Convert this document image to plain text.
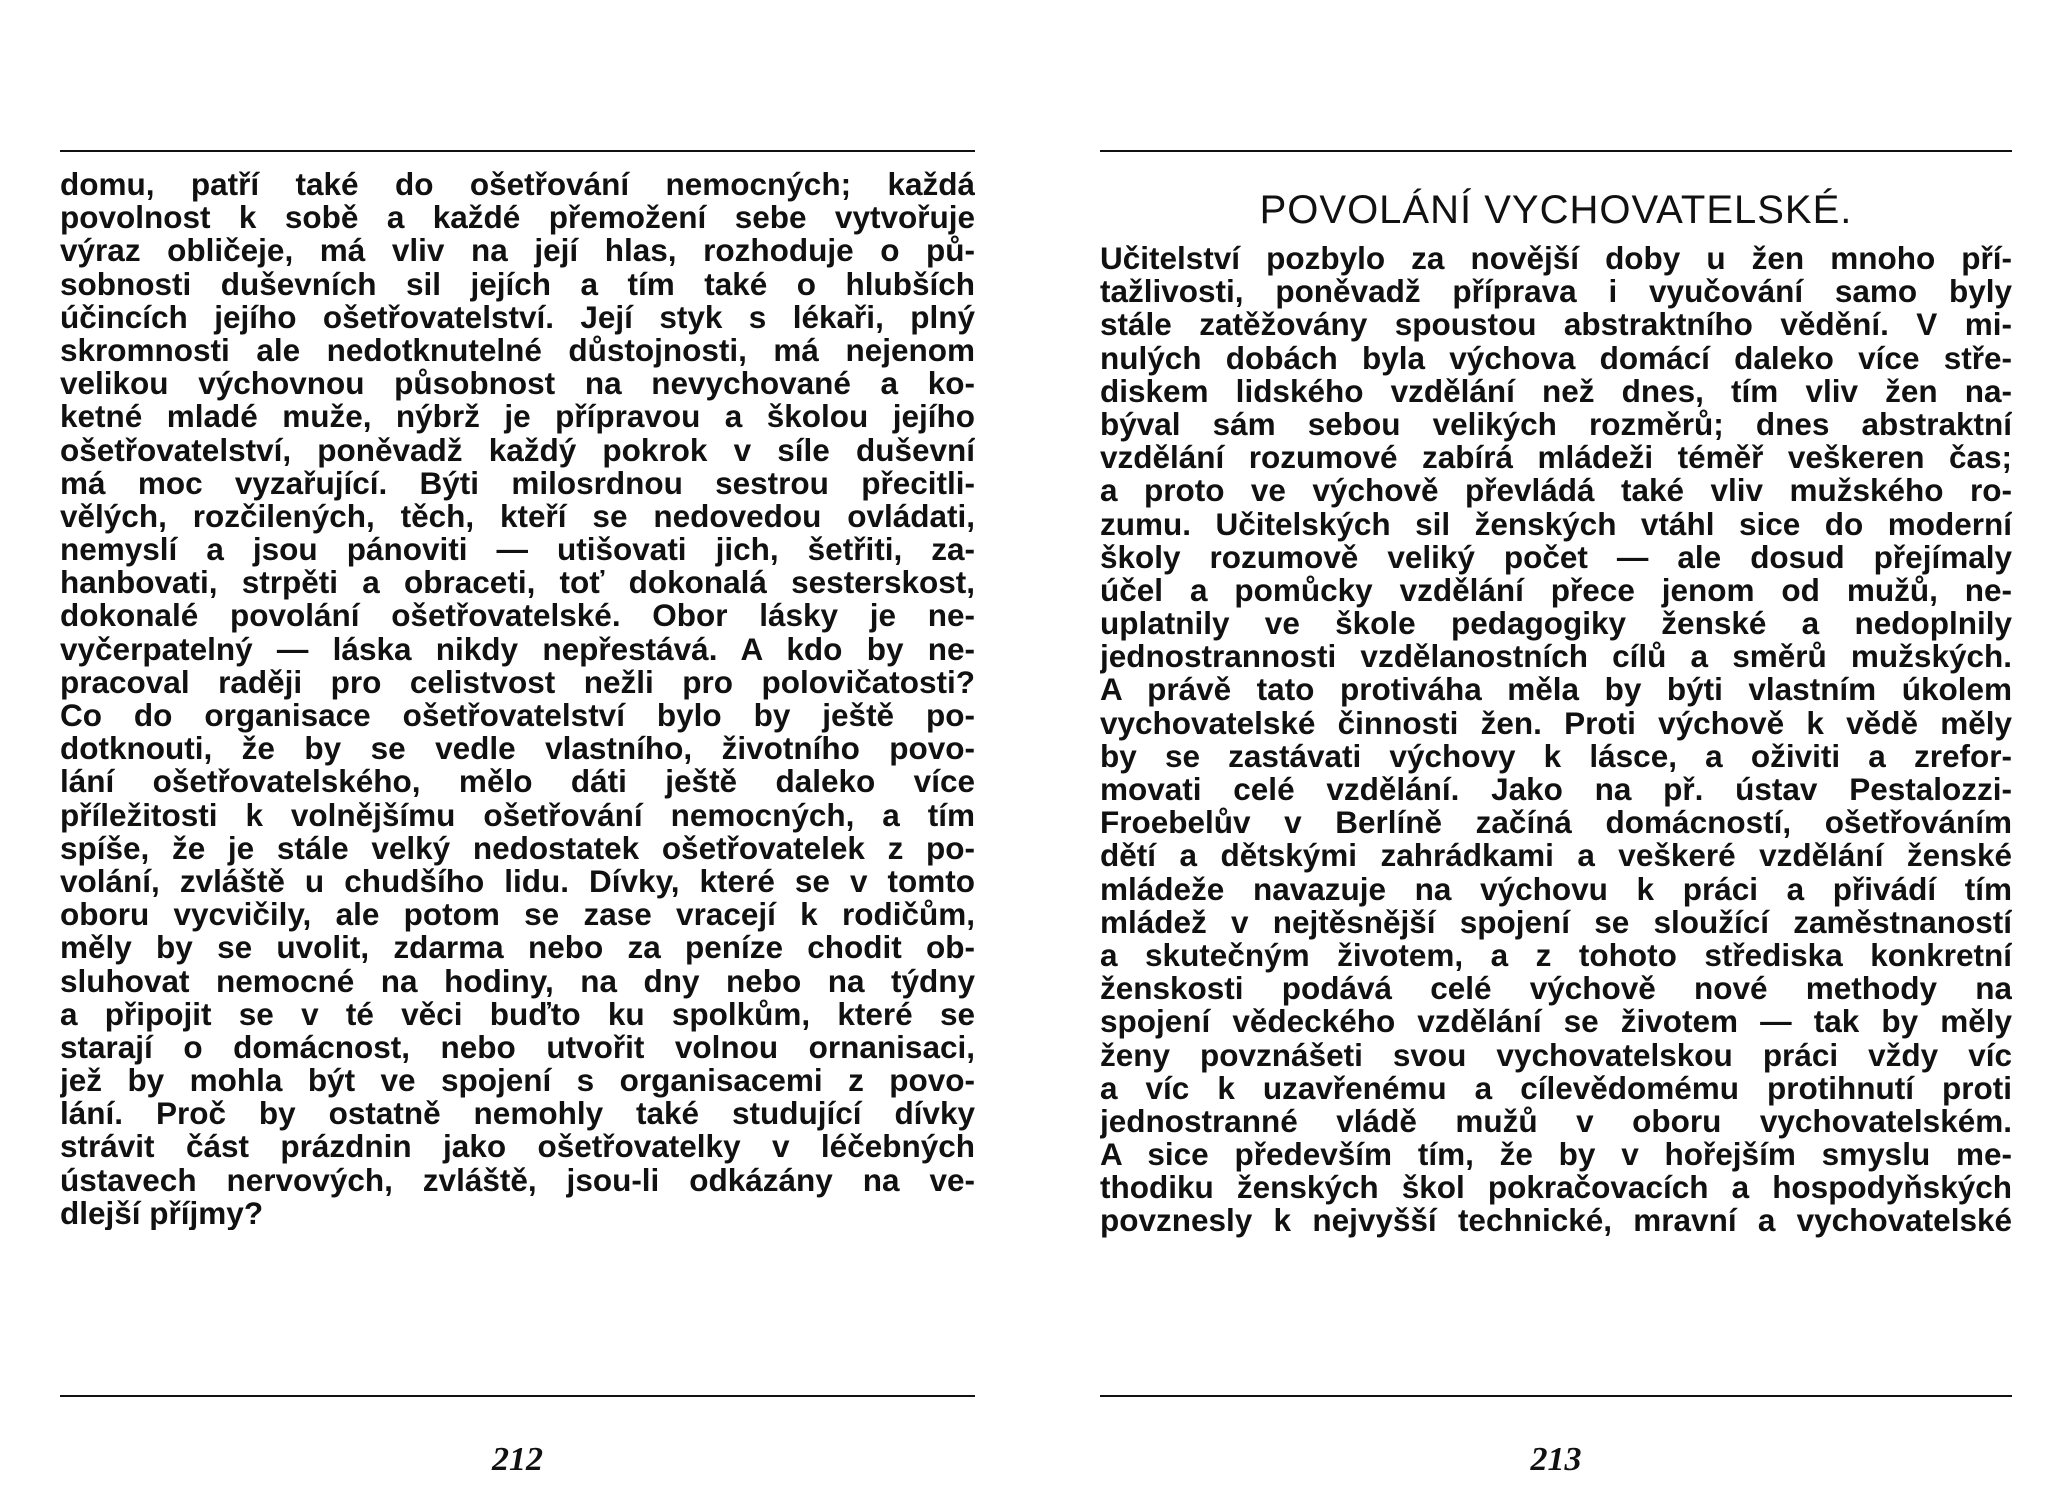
domu, patří také do ošetřování nemocných; každá
povolnost k sobě a každé přemožení sebe vytvořuje
výraz obličeje, má vliv na její hlas, rozhoduje o pů-
sobnosti duševních sil jejích a tím také o hlubších
účincích jejího ošetřovatelství. Její styk s lékaři, plný
skromnosti ale nedotknutelné důstojnosti, má nejenom
velikou výchovnou působnost na nevychované a ko-
ketné mladé muže, nýbrž je přípravou a školou jejího
ošetřovatelství, poněvadž každý pokrok v síle duševní
má moc vyzařující. Býti milosrdnou sestrou přecitli-
vělých, rozčilených, těch, kteří se nedovedou ovládati,
nemyslí a jsou pánoviti — utišovati jich, šetřiti, za-
hanbovati, strpěti a obraceti, toť dokonalá sesterskost,
dokonalé povolání ošetřovatelské. Obor lásky je ne-
vyčerpatelný — láska nikdy nepřestává. A kdo by ne-
pracoval raději pro celistvost nežli pro polovičatosti?
Co do organisace ošetřovatelství bylo by ještě po-
dotknouti, že by se vedle vlastního, životního povo-
lání ošetřovatelského, mělo dáti ještě daleko více
příležitosti k volnějšímu ošetřování nemocných, a tím
spíše, že je stále velký nedostatek ošetřovatelek z po-
volání, zvláště u chudšího lidu. Dívky, které se v tomto
oboru vycvičily, ale potom se zase vracejí k rodičům,
měly by se uvolit, zdarma nebo za peníze chodit ob-
sluhovat nemocné na hodiny, na dny nebo na týdny
a připojit se v té věci buďto ku spolkům, které se
starají o domácnost, nebo utvořit volnou ornanisaci,
jež by mohla být ve spojení s organisacemi z povo-
lání. Proč by ostatně nemohly také studující dívky
strávit část prázdnin jako ošetřovatelky v léčebných
ústavech nervových, zvláště, jsou-li odkázány na ve-
dlejší příjmy?
212
POVOLÁNÍ VYCHOVATELSKÉ.
Učitelství pozbylo za novější doby u žen mnoho pří-
tažlivosti, poněvadž příprava i vyučování samo byly
stále zatěžovány spoustou abstraktního vědění. V mi-
nulých dobách byla výchova domácí daleko více stře-
diskem lidského vzdělání než dnes, tím vliv žen na-
býval sám sebou velikých rozměrů; dnes abstraktní
vzdělání rozumové zabírá mládeži téměř veškeren čas;
a proto ve výchově převládá také vliv mužského ro-
zumu. Učitelských sil ženských vtáhl sice do moderní
školy rozumově veliký počet — ale dosud přejímaly
účel a pomůcky vzdělání přece jenom od mužů, ne-
uplatnily ve škole pedagogiky ženské a nedoplnily
jednostrannosti vzdělanostních cílů a směrů mužských.
A právě tato protiváha měla by býti vlastním úkolem
vychovatelské činnosti žen. Proti výchově k vědě měly
by se zastávati výchovy k lásce, a oživiti a zrefor-
movati celé vzdělání. Jako na př. ústav Pestalozzi-
Froebelův v Berlíně začíná domácností, ošetřováním
dětí a dětskými zahrádkami a veškeré vzdělání ženské
mládeže navazuje na výchovu k práci a přivádí tím
mládež v nejtěsnější spojení se sloužící zaměstnaností
a skutečným životem, a z tohoto střediska konkretní
ženskosti podává celé výchově nové methody na
spojení vědeckého vzdělání se životem — tak by měly
ženy povznášeti svou vychovatelskou práci vždy víc
a víc k uzavřenému a cílevědomému protihnutí proti
jednostranné vládě mužů v oboru vychovatelském.
A sice především tím, že by v hořejším smyslu me-
thodiku ženských škol pokračovacích a hospodyňských
povznesly k nejvyšší technické, mravní a vychovatelské
213
